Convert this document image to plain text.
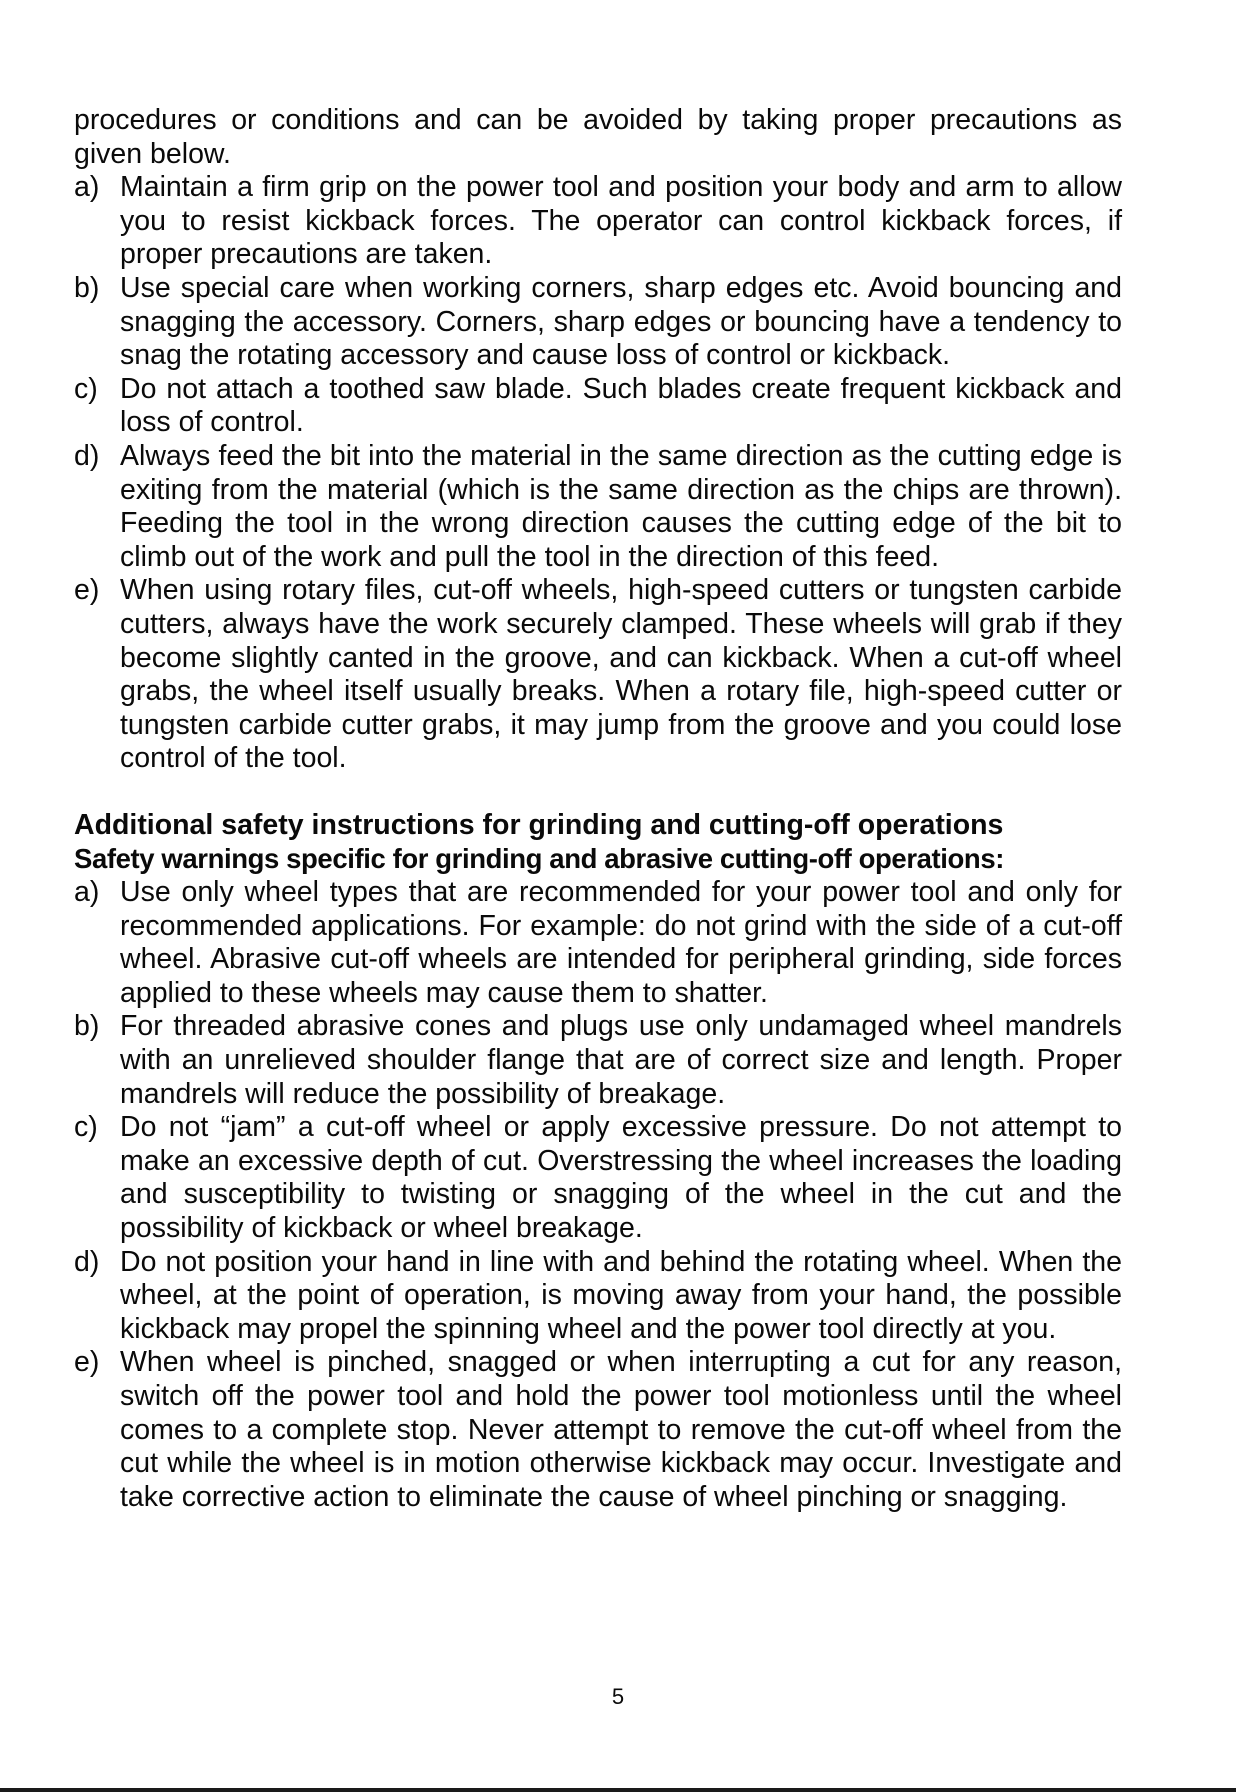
procedures or conditions and can be avoided by taking proper precautions as given below.

a) Maintain a firm grip on the power tool and position your body and arm to allow you to resist kickback forces. The operator can control kickback forces, if proper precautions are taken.
b) Use special care when working corners, sharp edges etc. Avoid bouncing and snagging the accessory. Corners, sharp edges or bouncing have a tendency to snag the rotating accessory and cause loss of control or kickback.
c) Do not attach a toothed saw blade. Such blades create frequent kickback and loss of control.
d) Always feed the bit into the material in the same direction as the cutting edge is exiting from the material (which is the same direction as the chips are thrown). Feeding the tool in the wrong direction causes the cutting edge of the bit to climb out of the work and pull the tool in the direction of this feed.
e) When using rotary files, cut-off wheels, high-speed cutters or tungsten carbide cutters, always have the work securely clamped. These wheels will grab if they become slightly canted in the groove, and can kickback. When a cut-off wheel grabs, the wheel itself usually breaks. When a rotary file, high-speed cutter or tungsten carbide cutter grabs, it may jump from the groove and you could lose control of the tool.
Additional safety instructions for grinding and cutting-off operations
Safety warnings specific for grinding and abrasive cutting-off operations:
a) Use only wheel types that are recommended for your power tool and only for recommended applications. For example: do not grind with the side of a cut-off wheel. Abrasive cut-off wheels are intended for peripheral grinding, side forces applied to these wheels may cause them to shatter.
b) For threaded abrasive cones and plugs use only undamaged wheel mandrels with an unrelieved shoulder flange that are of correct size and length. Proper mandrels will reduce the possibility of breakage.
c) Do not “jam” a cut-off wheel or apply excessive pressure. Do not attempt to make an excessive depth of cut. Overstressing the wheel increases the loading and susceptibility to twisting or snagging of the wheel in the cut and the possibility of kickback or wheel breakage.
d) Do not position your hand in line with and behind the rotating wheel. When the wheel, at the point of operation, is moving away from your hand, the possible kickback may propel the spinning wheel and the power tool directly at you.
e) When wheel is pinched, snagged or when interrupting a cut for any reason, switch off the power tool and hold the power tool motionless until the wheel comes to a complete stop. Never attempt to remove the cut-off wheel from the cut while the wheel is in motion otherwise kickback may occur. Investigate and take corrective action to eliminate the cause of wheel pinching or snagging.
5
